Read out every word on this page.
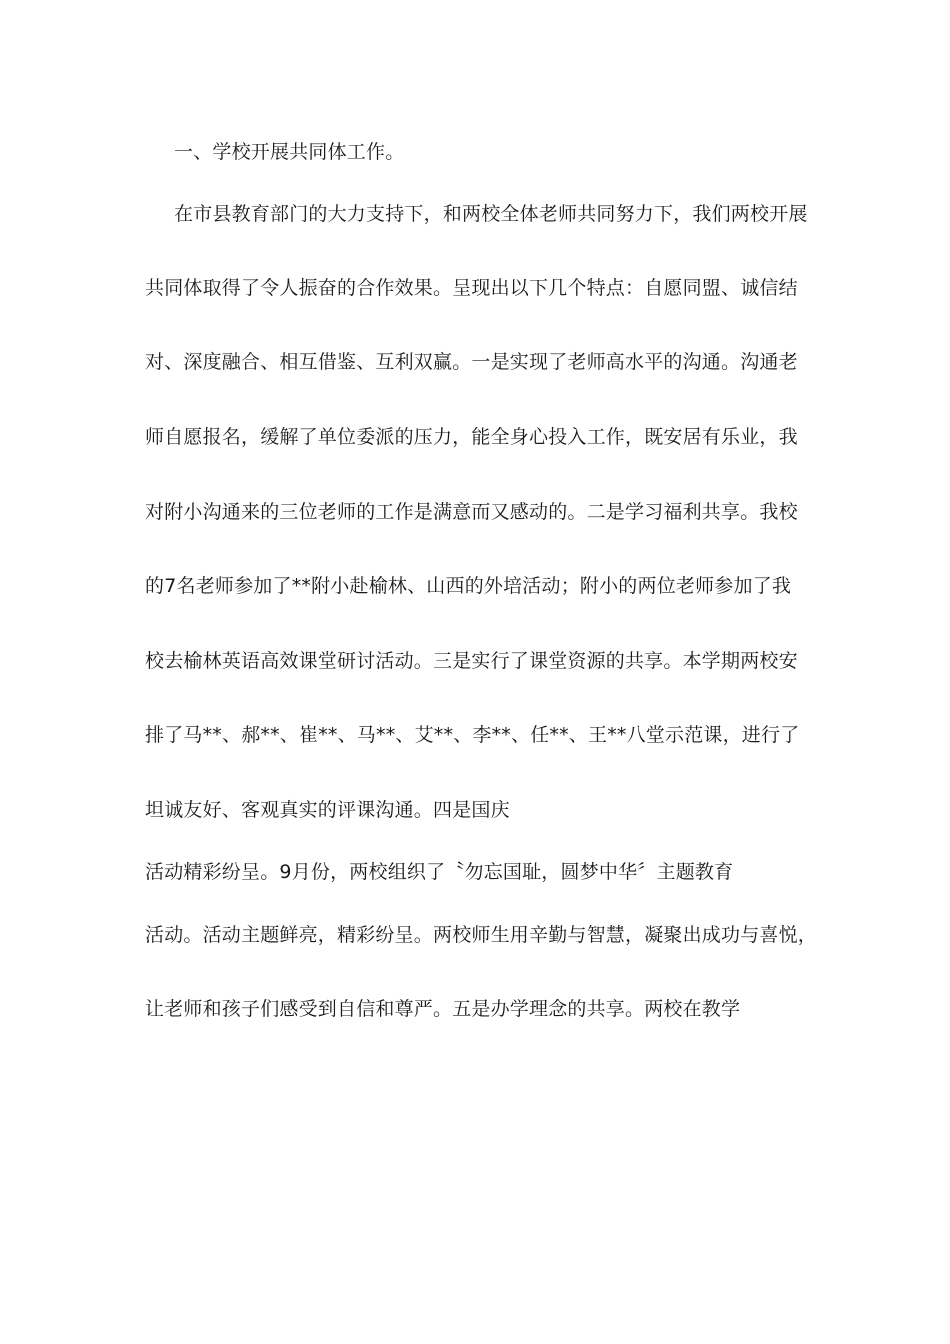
一、学校开展共同体工作。
在市县教育部门的大力支持下，和两校全体老师共同努力下，我们两校开展
共同体取得了令人振奋的合作效果。呈现出以下几个特点：自愿同盟、诚信结
对、深度融合、相互借鉴、互利双赢。一是实现了老师高水平的沟通。沟通老
师自愿报名，缓解了单位委派的压力，能全身心投入工作，既安居有乐业，我
对附小沟通来的三位老师的工作是满意而又感动的。二是学习福利共享。我校
的7名老师参加了**附小赴榆林、山西的外培活动；附小的两位老师参加了我
校去榆林英语高效课堂研讨活动。三是实行了课堂资源的共享。本学期两校安
排了马**、郝**、崔**、马**、艾**、李**、任**、王**八堂示范课，进行了
坦诚友好、客观真实的评课沟通。四是国庆
活动精彩纷呈。9月份，两校组织了〝勿忘国耻，圆梦中华〞主题教育
活动。活动主题鲜亮，精彩纷呈。两校师生用辛勤与智慧，凝聚出成功与喜悦，
让老师和孩子们感受到自信和尊严。五是办学理念的共享。两校在教学
